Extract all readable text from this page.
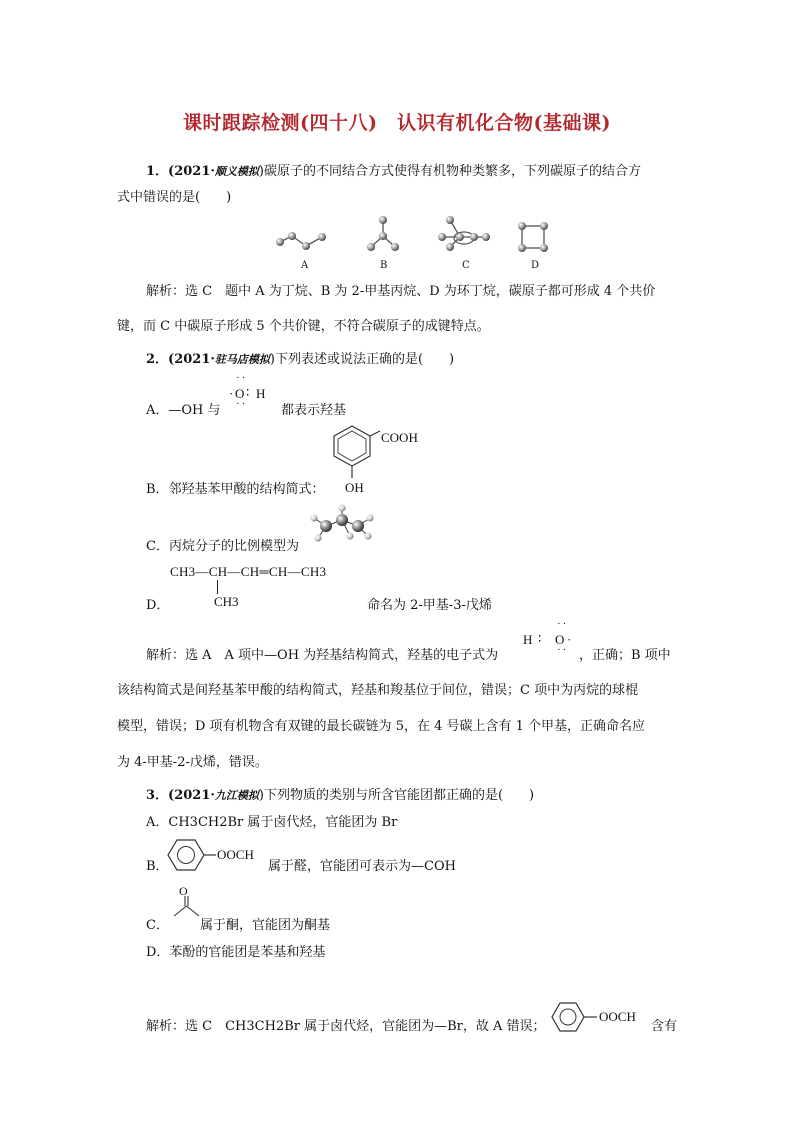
课时跟踪检测(四十八)　认识有机化合物(基础课)
1．(2021·顺义模拟)碳原子的不同结合方式使得有机物种类繁多，下列碳原子的结合方
式中错误的是(　　)
A	B	C	D
解析：选 C　题中 A 为丁烷、B 为 2-甲基丙烷、D 为环丁烷，碳原子都可形成 4 个共价
键，而 C 中碳原子形成 5 个共价键，不符合碳原子的成键特点。
2．(2021·驻马店模拟)下列表述或说法正确的是(　　)
A．—OH 与
··
· O ∶ H
··	都表示羟基
COOH
OH
B．邻羟基苯甲酸的结构简式：
C．丙烷分子的比例模型为
CH3—CH—CH═CH—CH3
CH3
D．	命名为 2-甲基-3-戊烯
解析：选 A　A 项中—OH 为羟基结构简式，羟基的电子式为
··
H ∶ O ·
·· ，正确；B 项中
该结构简式是间羟基苯甲酸的结构简式，羟基和羧基位于间位，错误；C 项中为丙烷的球棍
模型，错误；D 项有机物含有双键的最长碳链为 5，在 4 号碳上含有 1 个甲基，正确命名应
为 4-甲基-2-戊烯，错误。
3．(2021·九江模拟)下列物质的类别与所含官能团都正确的是(　　)
A．CH3CH2Br 属于卤代烃，官能团为 Br
B．
OOCH
属于醛，官能团可表示为—COH
O
C． 属于酮，官能团为酮基
D．苯酚的官能团是苯基和羟基
解析：选 C　CH3CH2Br 属于卤代烃，官能团为—Br，故 A 错误；
OOCH
含有
